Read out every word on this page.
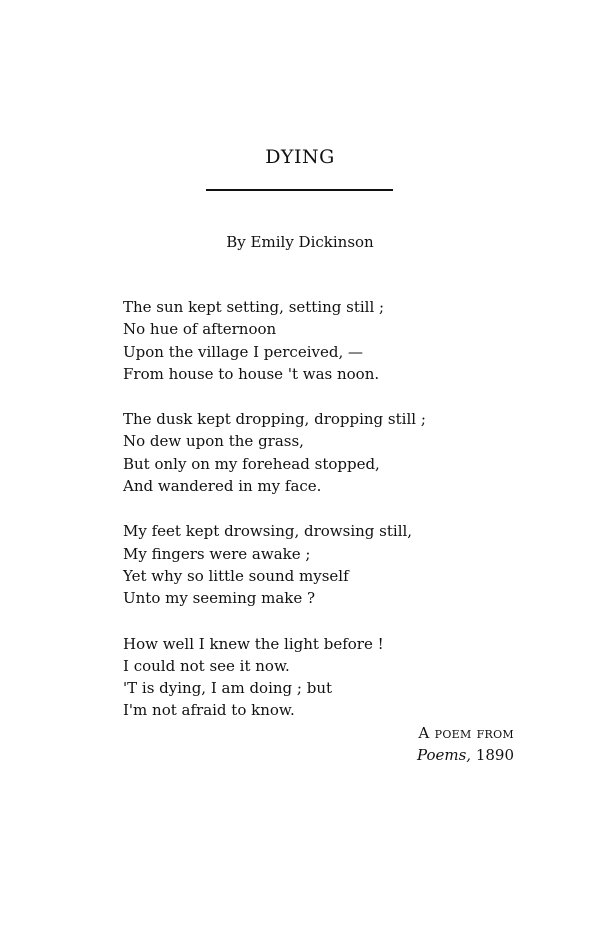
DYING
By Emily Dickinson
The sun kept setting, setting still ;
No hue of afternoon
Upon the village I perceived, —
From house to house 't was noon.
The dusk kept dropping, dropping still ;
No dew upon the grass,
But only on my forehead stopped,
And wandered in my face.
My feet kept drowsing, drowsing still,
My fingers were awake ;
Yet why so little sound myself
Unto my seeming make ?
How well I knew the light before !
I could not see it now.
'T is dying, I am doing ; but
I'm not afraid to know.
A poem from
Poems, 1890
